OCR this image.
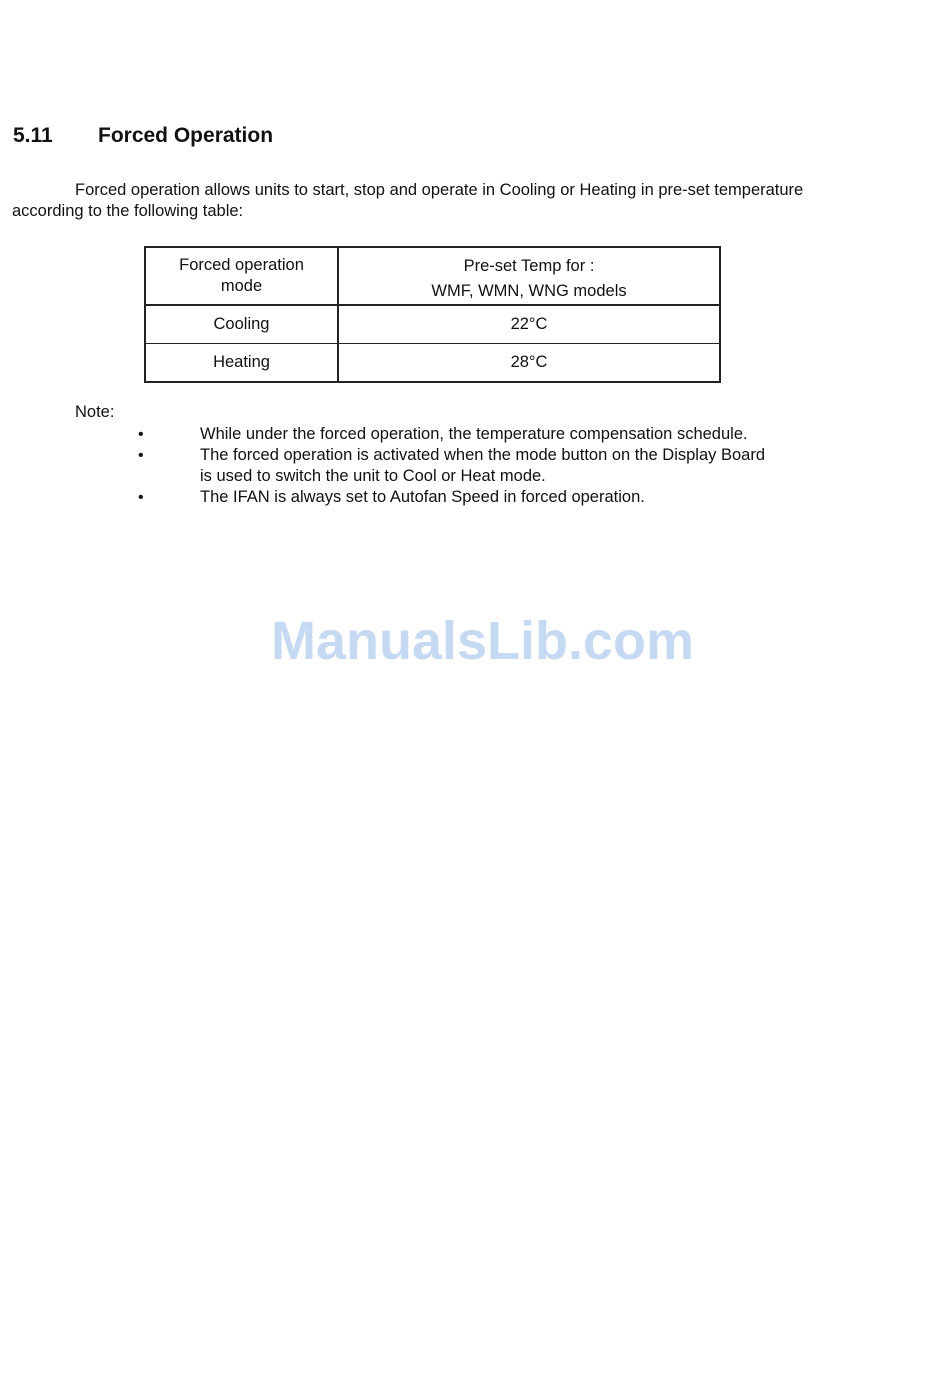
5.11 Forced Operation

Forced operation allows units to start, stop and operate in Cooling or Heating in pre-set temperature according to the following table:

Forced operation
mode	Pre-set Temp for :
WMF, WMN, WNG models

Cooling	22°C
Heating	28°C

Note:

•	While under the forced operation, the temperature compensation schedule.
•	The forced operation is activated when the mode button on the Display Board is used to switch the unit to Cool or Heat mode.
•	The IFAN is always set to Autofan Speed in forced operation.
ManualsLib.com
